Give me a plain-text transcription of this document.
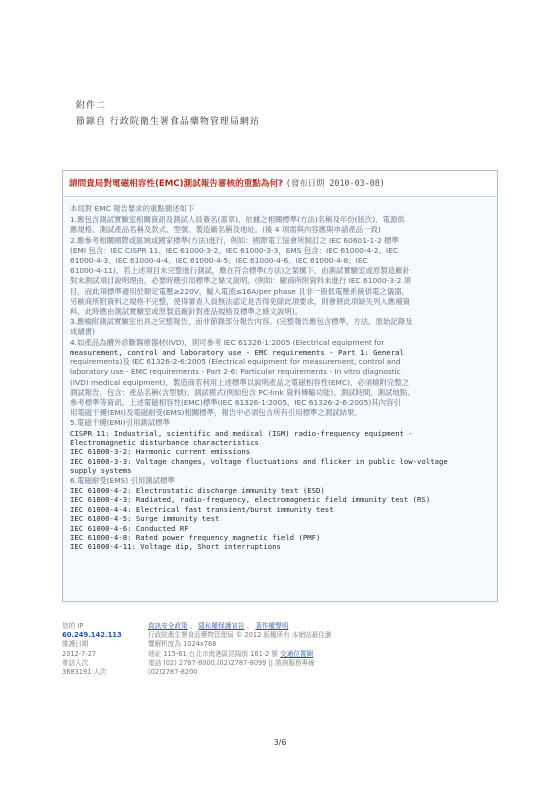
附件二
節錄自 行政院衛生署食品藥物管理局網站
請問貴局對電磁相容性(EMC)測試報告審核的重點為何? (發布日期 2010-03-08)

本局對 EMC 報告要求的重點簡述如下

1.應包含測試實驗室相關資訊及測試人員簽名(蓋章)、依據之相關標準(方法)名稱及年份(版次)、電源供

應規格、測試產品名稱及款式、型號、製造廠名稱及地址。(後 4 項需與內容應與申請產品一致)

2.應參考相關國際或區域或國家標準(方法)進行，例如：國際電工協會所制訂之 IEC 60601-1-2 標準

(EMI 包含：IEC CISPR 11、IEC 61000-3-2、IEC 61000-3-3，EMS 包含：IEC 61000-4-2、IEC

61000-4-3、IEC 61000-4-4、IEC 61000-4-5、IEC 61000-4-6、IEC 61000-4-8、IEC

61000-4-11)，若上述項目未完整進行測試，應在符合標準(方法)之架構下，由測試實驗室或原製造廠針

對未測試項目說明理由，必要時應引用標準之條文說明。(例如：歐商所附資料未進行 IEC 61000-3-2 項

目，而此項標準適用於額定電壓≥220V，輸入電流≤16A/per phase 且非一般低電壓系統供電之儀器，

另歐商所附資料之規格不完整，使得審查人員無法認定是否得免除此項要求，則會將此項缺失列入應補資

料，此時應由測試實驗室或原製造廠針對產品規格及標準之條文說明)。

3.應檢附測試實驗室出具之完整報告，而非節錄部分報告內容。(完整報告應包含標準，方法，原始記錄及

成績書)

4.如產品為體外診斷醫療器材(IVD)，則可參考 IEC 61326-1:2005 (Electrical equipment for

measurement, control and laboratory use - EMC requirements - Part 1: General

requirements)及 IEC 61326-2-6:2005 (Electrical equipment for measurement, control and

laboratory use - EMC requirements - Part 2-6: Particular requirements - In vitro diagnostic

(IVD) medical equipment)，製造商若利用上述標準以說明產品之電磁相容性(EMC)，必須檢附完整之

測試報告，包含：產品名稱(含型號)、測試模式(例如包含 PC-link 資料傳輸功能)、測試時間、測試地點、

參考標準等資訊。上述電磁相容性(EMC)標準(IEC 61326-1:2005、IEC 61326-2-6:2005)其內容引

用電磁干擾(EMI)及電磁耐受(EMS)相關標準，報告中必須包含所有引用標準之測試結果。

5.電磁干擾(EMI)引用測試標準

CISPR 11: Industrial, scientific and medical (ISM) radio-frequency equipment -

Electromagnetic disturbance characteristics

IEC 61000-3-2: Harmonic current emissions

IEC 61000-3-3: Voltage changes, voltage fluctuations and flicker in public low-voltage

supply systems

6.電磁耐受(EMS) 引用測試標準

IEC 61000-4-2: Electrostatic discharge immunity test (ESD)

IEC 61000-4-3: Radiated, radio-frequency, electromagnetic field immunity test (RS)

IEC 61000-4-4: Electrical fast transient/burst immunity test

IEC 61000-4-5: Surge immunity test

IEC 61000-4-6: Conducted RF

IEC 61000-4-8: Rated power frequency magnetic field (PMF)

IEC 61000-4-11: Voltage dip, Short interruptions

您的 IP
60.249.142.113
維護日期
2012-7-27
參訪人次
3683191 人次
資訊安全政策 、 隱私權保護宣告 、 著作權聲明
行政院衛生署食品藥物管理局 © 2012 版權所有 本網站最佳瀏
覽解析度為 1024x768
地址 115-61 台北市南港區昆陽街 161-2 號 交通位置圖
電話 (02) 2787-8000,(02)2787-8099 || 諮詢服務專線
(02)2787-8200
3/6
